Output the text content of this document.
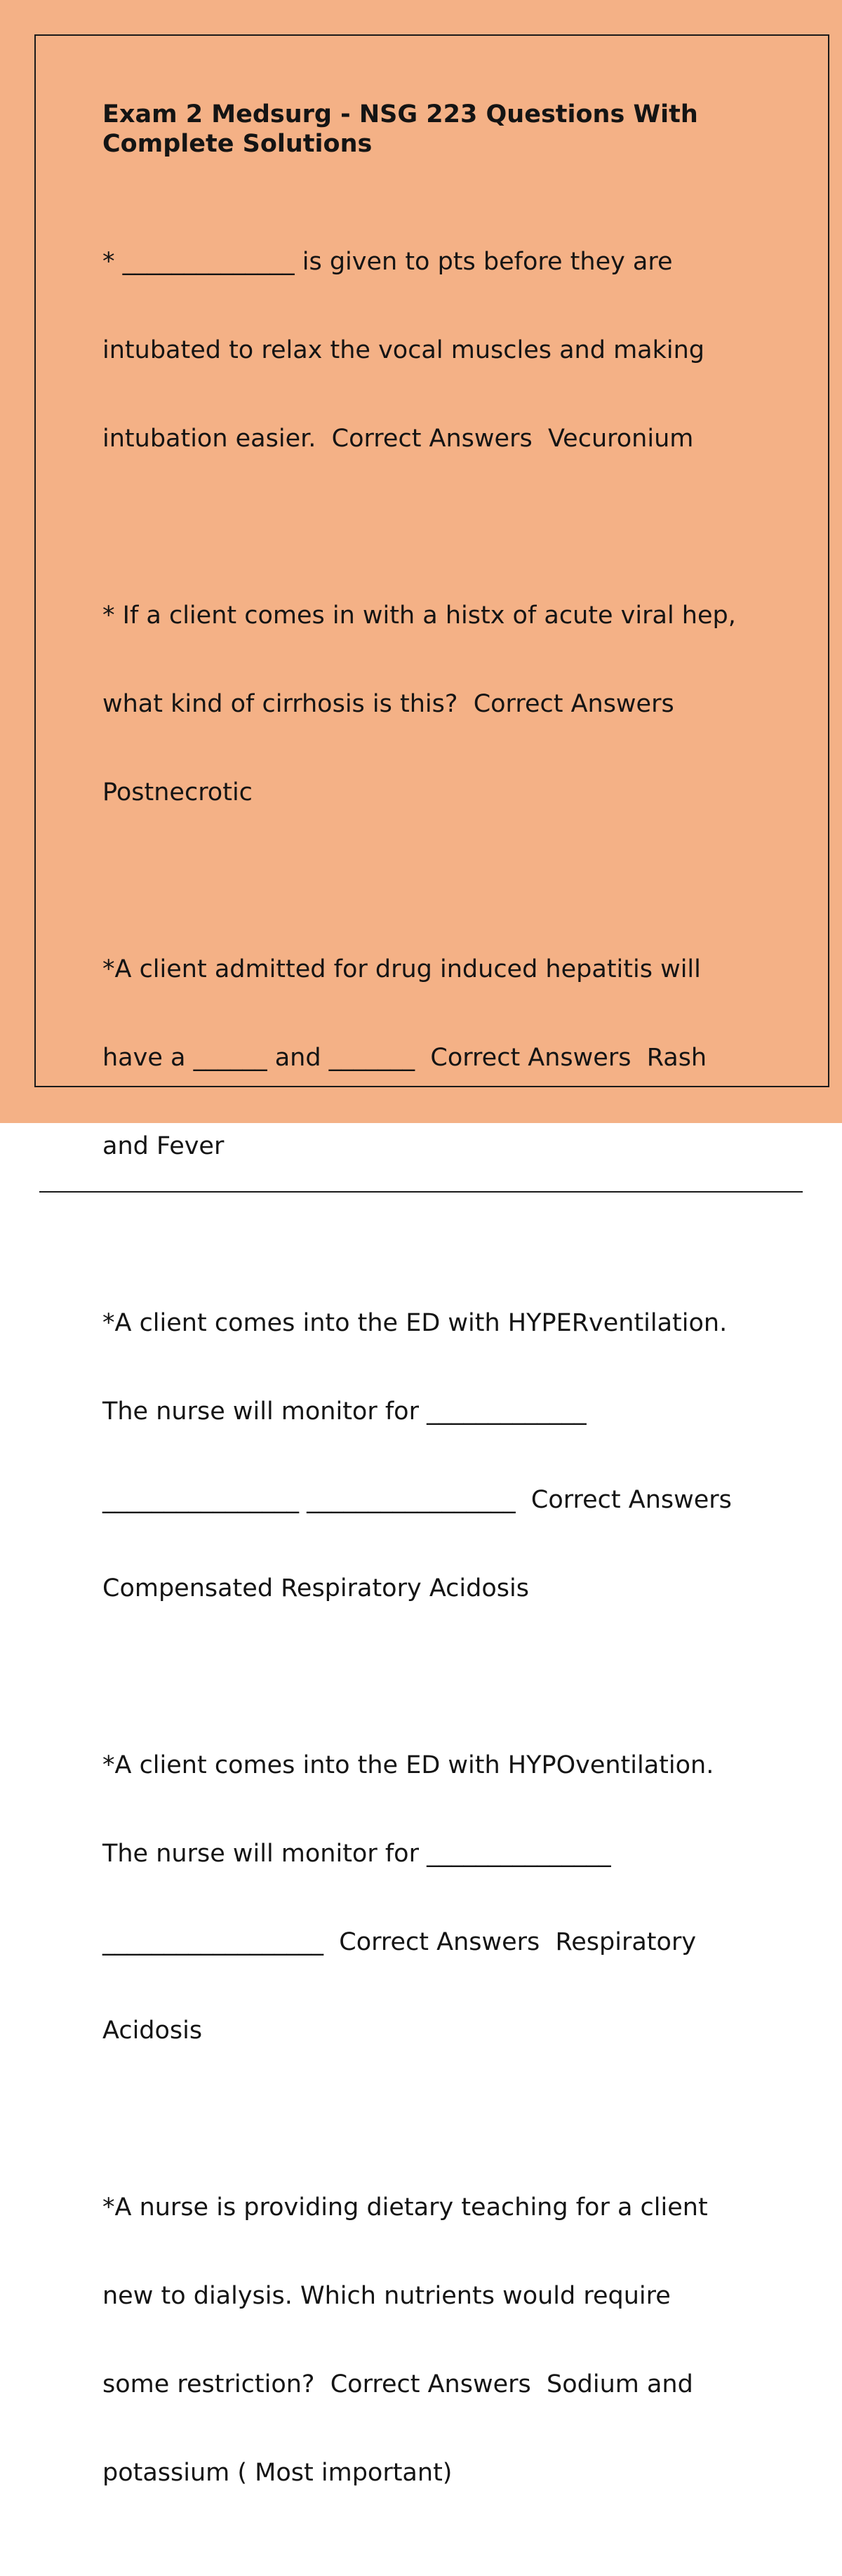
Exam 2 Medsurg - NSG 223 Questions With
Complete Solutions

* ______________ is given to pts before they are

intubated to relax the vocal muscles and making

intubation easier.  Correct Answers  Vecuronium

* If a client comes in with a histx of acute viral hep,

what kind of cirrhosis is this?  Correct Answers

Postnecrotic

*A client admitted for drug induced hepatitis will

have a ______ and _______  Correct Answers  Rash

and Fever

*A client comes into the ED with HYPERventilation.

The nurse will monitor for _____________

________________ _________________  Correct Answers

Compensated Respiratory Acidosis

*A client comes into the ED with HYPOventilation.

The nurse will monitor for _______________

__________________  Correct Answers  Respiratory

Acidosis

*A nurse is providing dietary teaching for a client

new to dialysis. Which nutrients would require

some restriction?  Correct Answers  Sodium and

potassium ( Most important)
